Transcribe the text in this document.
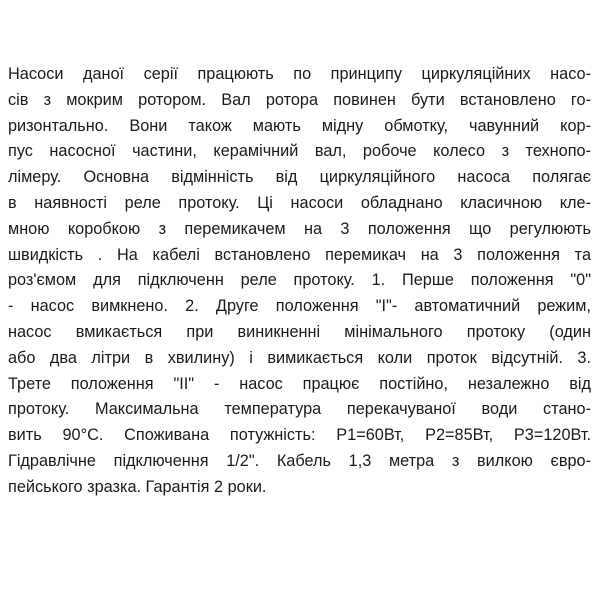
Насоси даної серії працюють по принципу циркуляційних насо-
сів з мокрим ротором. Вал ротора повинен бути встановлено го-
ризонтально. Вони також мають мідну обмотку, чавунний кор-
пус насосної частини, керамічний вал, робоче колесо з технопо-
лімеру. Основна відмінність від циркуляційного насоса полягає
в наявності реле протоку. Ці насоси обладнано класичною кле-
мною коробкою з перемикачем на 3 положення що регулюють
швидкість . На кабелі встановлено перемикач на 3 положення та
роз'ємом для підключенн реле протоку. 1. Перше положення "0"
- насос вимкнено. 2. Друге положення "I"- автоматичний режим,
насос вмикається при виникненні мінімального протоку (один
або два літри в хвилину) і вимикається коли проток відсутній. 3.
Трете положення "II" - насос працює постійно, незалежно від
протоку. Максимальна температура перекачуваної води стано-
вить 90°С. Споживана потужність: Р1=60Вт, Р2=85Вт, Р3=120Вт.
Гідравлічне підключення 1/2". Кабель 1,3 метра з вилкою євро-
пейського зразка. Гарантія 2 роки.
